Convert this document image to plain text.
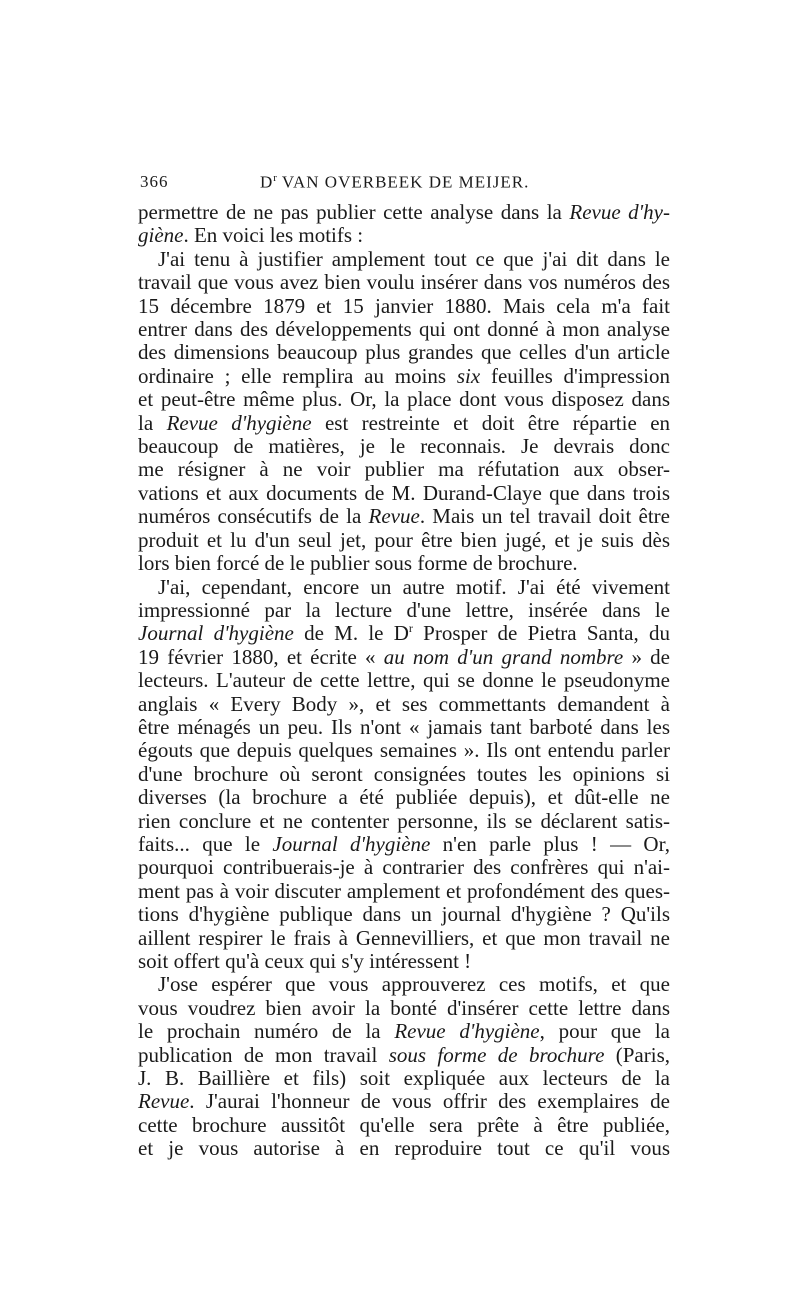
366	$D^r$ VAN OVERBEEK DE MEIJER.
permettre de ne pas publier cette analyse dans la Revue d'hy-
giène. En voici les motifs :
J'ai tenu à justifier amplement tout ce que j'ai dit dans le
travail que vous avez bien voulu insérer dans vos numéros des
15 décembre 1879 et 15 janvier 1880. Mais cela m'a fait
entrer dans des développements qui ont donné à mon analyse
des dimensions beaucoup plus grandes que celles d'un article
ordinaire ; elle remplira au moins six feuilles d'impression
et peut-être même plus. Or, la place dont vous disposez dans
la Revue d'hygiène est restreinte et doit être répartie en
beaucoup de matières, je le reconnais. Je devrais donc
me résigner à ne voir publier ma réfutation aux obser-
vations et aux documents de M. Durand-Claye que dans trois
numéros consécutifs de la Revue. Mais un tel travail doit être
produit et lu d'un seul jet, pour être bien jugé, et je suis dès
lors bien forcé de le publier sous forme de brochure.
J'ai, cependant, encore un autre motif. J'ai été vivement
impressionné par la lecture d'une lettre, insérée dans le
Journal d'hygiène de M. le $D^r$ Prosper de Pietra Santa, du
19 février 1880, et écrite « au nom d'un grand nombre » de
lecteurs. L'auteur de cette lettre, qui se donne le pseudonyme
anglais « Every Body », et ses commettants demandent à
être ménagés un peu. Ils n'ont « jamais tant barboté dans les
égouts que depuis quelques semaines ». Ils ont entendu parler
d'une brochure où seront consignées toutes les opinions si
diverses (la brochure a été publiée depuis), et dût-elle ne
rien conclure et ne contenter personne, ils se déclarent satis-
faits... que le Journal d'hygiène n'en parle plus ! — Or,
pourquoi contribuerais-je à contrarier des confrères qui n'ai-
ment pas à voir discuter amplement et profondément des ques-
tions d'hygiène publique dans un journal d'hygiène ? Qu'ils
aillent respirer le frais à Gennevilliers, et que mon travail ne
soit offert qu'à ceux qui s'y intéressent !
J'ose espérer que vous approuverez ces motifs, et que
vous voudrez bien avoir la bonté d'insérer cette lettre dans
le prochain numéro de la Revue d'hygiène, pour que la
publication de mon travail sous forme de brochure (Paris,
J. B. Baillière et fils) soit expliquée aux lecteurs de la
Revue. J'aurai l'honneur de vous offrir des exemplaires de
cette brochure aussitôt qu'elle sera prête à être publiée,
et je vous autorise à en reproduire tout ce qu'il vous
